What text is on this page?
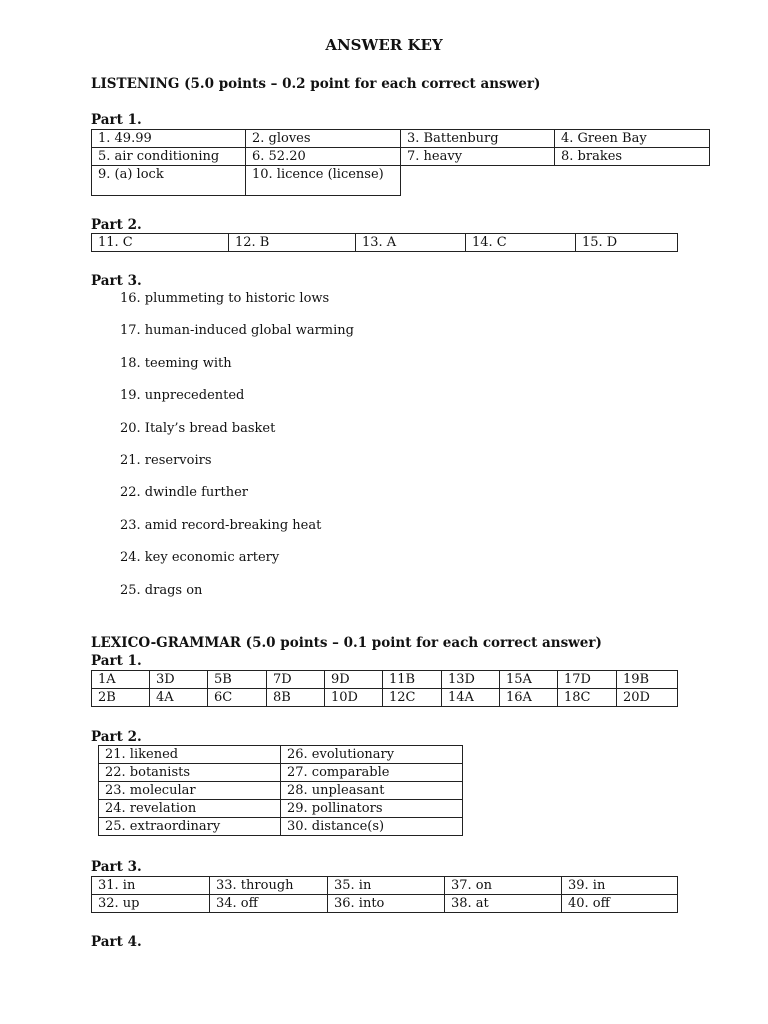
ANSWER KEY
LISTENING (5.0 points – 0.2 point for each correct answer)
Part 1.
1. 49.99	2. gloves	3. Battenburg	4. Green Bay
5. air conditioning	6. 52.20	7. heavy	8. brakes
9. (a) lock	10. licence (license)		
Part 2.
11. C	12. B	13. A	14. C	15. D
Part 3.
16. plummeting to historic lows
17. human-induced global warming
18. teeming with
19. unprecedented
20. Italy’s bread basket
21. reservoirs
22. dwindle further
23. amid record-breaking heat
24. key economic artery
25. drags on
LEXICO-GRAMMAR (5.0 points – 0.1 point for each correct answer)
Part 1.
1A	3D	5B	7D	9D	11B	13D	15A	17D	19B
2B	4A	6C	8B	10D	12C	14A	16A	18C	20D
Part 2.
21. likened	26. evolutionary
22. botanists	27. comparable
23. molecular	28. unpleasant
24. revelation	29. pollinators
25. extraordinary	30. distance(s)
Part 3.
31. in	33. through	35. in	37. on	39. in
32. up	34. off	36. into	38. at	40. off
Part 4.
